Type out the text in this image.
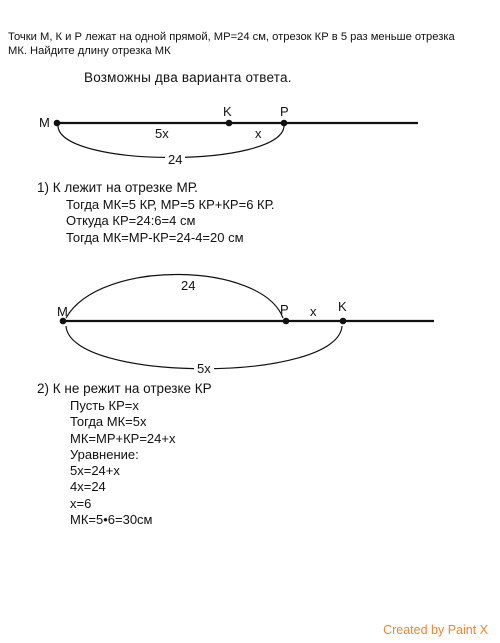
Точки М, К и Р лежат на одной прямой, МР=24 см, отрезок КР в 5 раз меньше отрезка
МК. Найдите длину отрезка МК
Возможны два варианта ответа.
M
K	P
5x	x
24
1) К лежит на отрезке МР.
Тогда МК=5 КР, МР=5 КР+КР=6 КР.
Откуда КР=24:6=4 см
Тогда МК=МР-КР=24-4=20 см
24
M	P	K
x
5x
2) К не режит на отрезке КР
Пусть КР=х
Тогда МК=5х
МК=МР+КР=24+х
Уравнение:
5х=24+х
4х=24
х=6
МК=5•6=30см
Created by Paint X
